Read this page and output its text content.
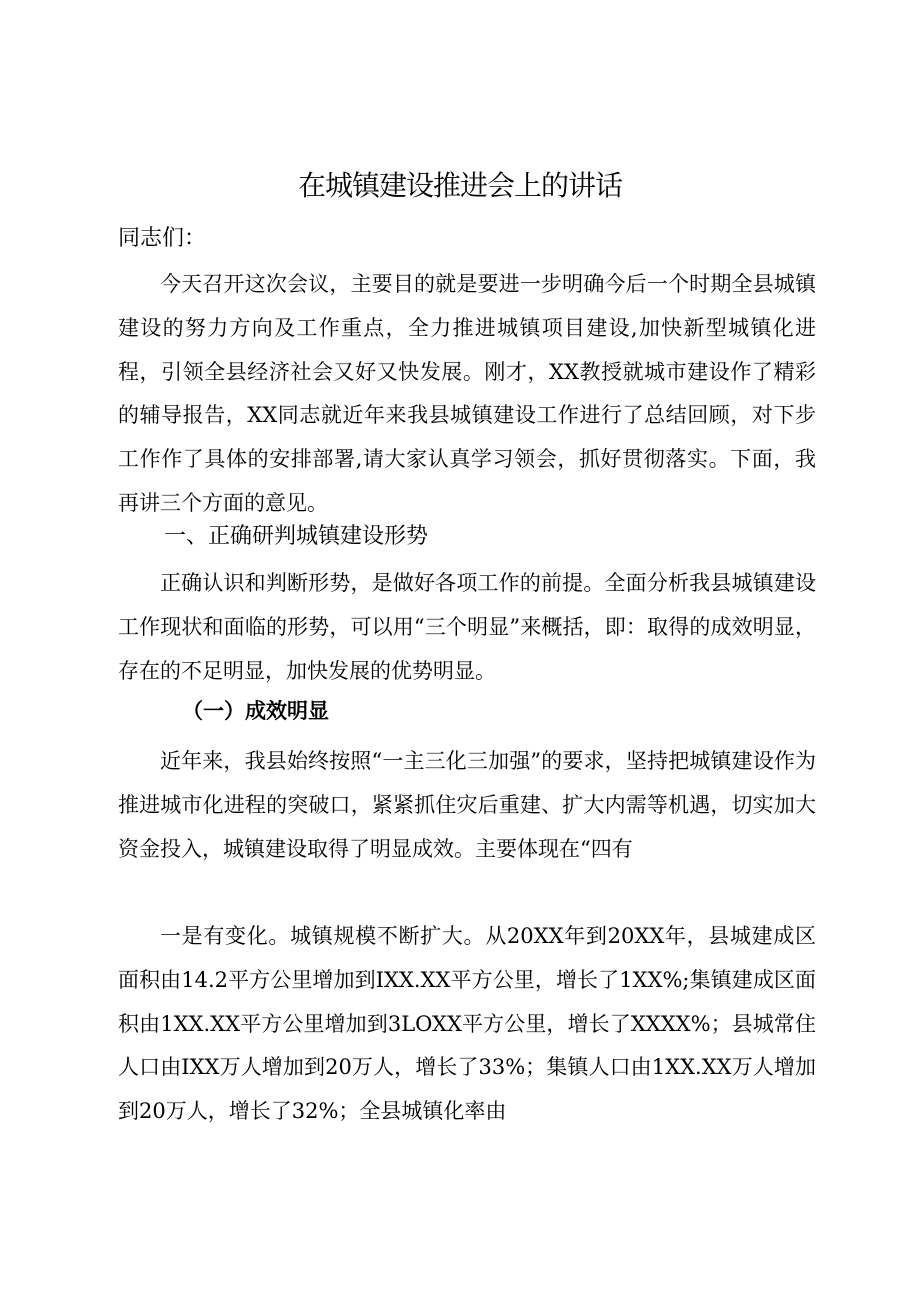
在城镇建设推进会上的讲话
同志们：

今天召开这次会议，主要目的就是要进一步明确今后一个时期全县城镇建设的努力方向及工作重点，全力推进城镇项目建设,加快新型城镇化进程，引领全县经济社会又好又快发展。刚才，XX教授就城市建设作了精彩的辅导报告，XX同志就近年来我县城镇建设工作进行了总结回顾，对下步工作作了具体的安排部署,请大家认真学习领会，抓好贯彻落实。下面，我再讲三个方面的意见。

一、正确研判城镇建设形势

正确认识和判断形势，是做好各项工作的前提。全面分析我县城镇建设工作现状和面临的形势，可以用“三个明显”来概括，即：取得的成效明显，存在的不足明显，加快发展的优势明显。

（一）成效明显

近年来，我县始终按照“一主三化三加强”的要求，坚持把城镇建设作为推进城市化进程的突破口，紧紧抓住灾后重建、扩大内需等机遇，切实加大资金投入，城镇建设取得了明显成效。主要体现在“四有

一是有变化。城镇规模不断扩大。从20XX年到20XX年，县城建成区面积由14.2平方公里增加到IXX.XX平方公里，增长了1XX%;集镇建成区面积由1XX.XX平方公里增加到3LOXX平方公里，增长了XXXX%；县城常住人口由IXX万人增加到20万人，增长了33%；集镇人口由1XX.XX万人增加到20万人，增长了32%；全县城镇化率由
